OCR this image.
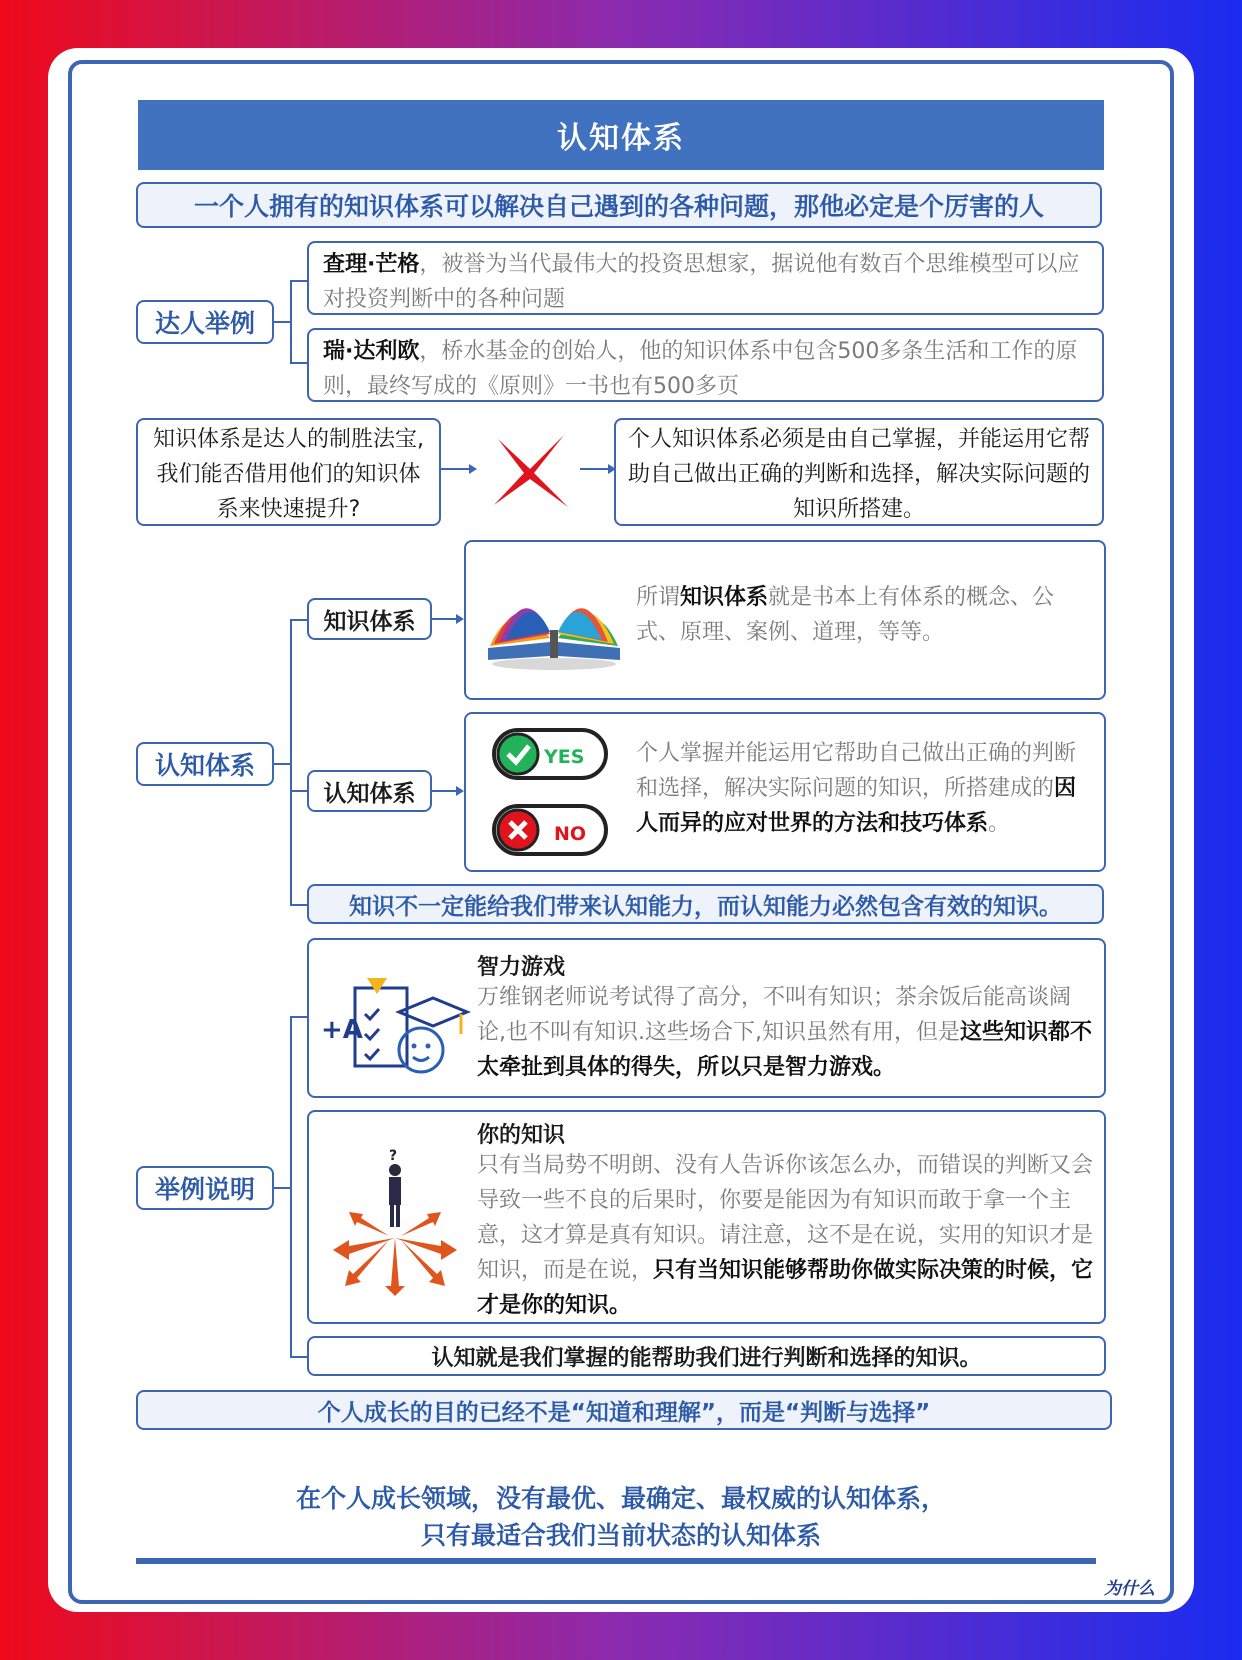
认知体系
一个人拥有的知识体系可以解决自己遇到的各种问题，那他必定是个厉害的人
达人举例
查理·芒格，被誉为当代最伟大的投资思想家，据说他有数百个思维模型可以应对投资判断中的各种问题
瑞·达利欧，桥水基金的创始人，他的知识体系中包含500多条生活和工作的原则，最终写成的《原则》一书也有500多页
知识体系是达人的制胜法宝,我们能否借用他们的知识体系来快速提升?
个人知识体系必须是由自己掌握，并能运用它帮助自己做出正确的判断和选择，解决实际问题的知识所搭建。
认知体系
知识体系
所谓知识体系就是书本上有体系的概念、公式、原理、案例、道理，等等。
认知体系
YES
NO
个人掌握并能运用它帮助自己做出正确的判断和选择，解决实际问题的知识，所搭建成的因人而异的应对世界的方法和技巧体系。
知识不一定能给我们带来认知能力，而认知能力必然包含有效的知识。
举例说明
+A
智力游戏
万维钢老师说考试得了高分，不叫有知识；茶余饭后能高谈阔论,也不叫有知识.这些场合下,知识虽然有用，但是这些知识都不太牵扯到具体的得失，所以只是智力游戏。
?
你的知识
只有当局势不明朗、没有人告诉你该怎么办，而错误的判断又会导致一些不良的后果时，你要是能因为有知识而敢于拿一个主意，这才算是真有知识。请注意，这不是在说，实用的知识才是知识，而是在说，只有当知识能够帮助你做实际决策的时候，它才是你的知识。
认知就是我们掌握的能帮助我们进行判断和选择的知识。
个人成长的目的已经不是“知道和理解”，而是“判断与选择”
在个人成长领域，没有最优、最确定、最权威的认知体系，
只有最适合我们当前状态的认知体系
为什么
